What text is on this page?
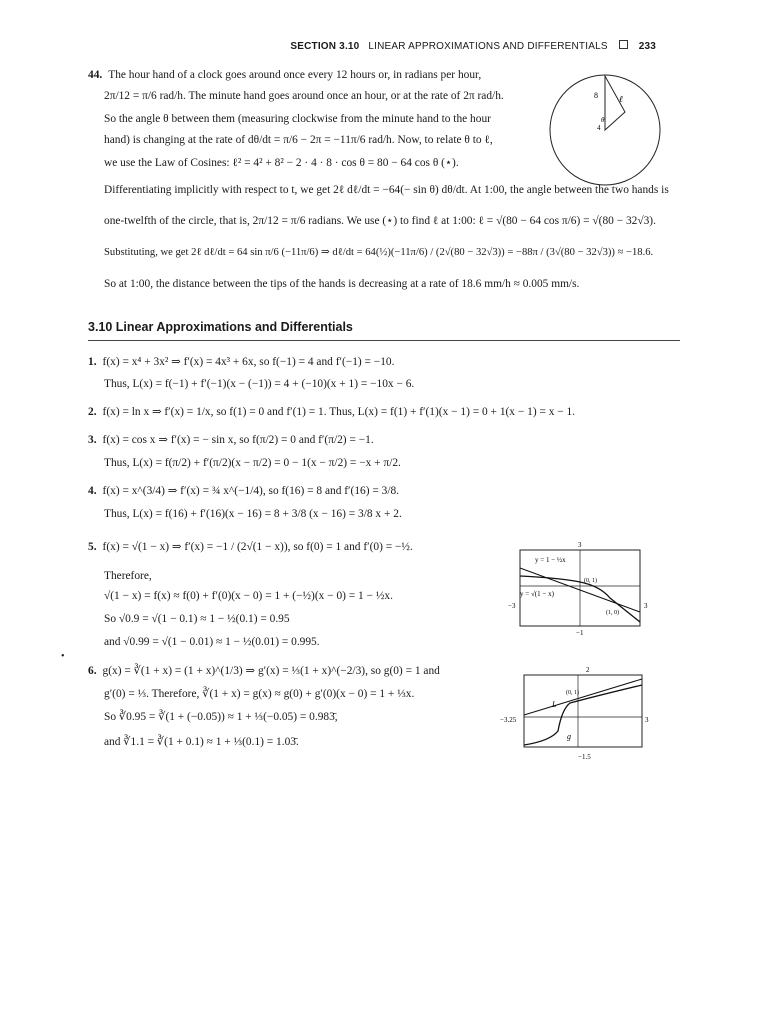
SECTION 3.10 LINEAR APPROXIMATIONS AND DIFFERENTIALS	233
44. The hour hand of a clock goes around once every 12 hours or, in radians per hour,
2π/12 = π/6 rad/h. The minute hand goes around once an hour, or at the rate of 2π rad/h.
So the angle θ between them (measuring clockwise from the minute hand to the hour
hand) is changing at the rate of dθ/dt = π/6 − 2π = −11π/6 rad/h. Now, to relate θ to ℓ,
we use the Law of Cosines: ℓ² = 4² + 8² − 2 · 4 · 8 · cos θ = 80 − 64 cos θ (⋆).
Differentiating implicitly with respect to t, we get 2ℓ dℓ/dt = −64(− sin θ) dθ/dt. At 1:00, the angle between the two hands is
one-twelfth of the circle, that is, 2π/12 = π/6 radians. We use (⋆) to find ℓ at 1:00: ℓ = √(80 − 64 cos π/6) = √(80 − 32√3).
Substituting, we get 2ℓ dℓ/dt = 64 sin π/6 (−11π/6) ⇒ dℓ/dt = 64(½)(−11π/6) / (2√(80 − 32√3)) = −88π / (3√(80 − 32√3)) ≈ −18.6.
So at 1:00, the distance between the tips of the hands is decreasing at a rate of 18.6 mm/h ≈ 0.005 mm/s.
8
θ
ℓ
4
3.10 Linear Approximations and Differentials
1. f(x) = x⁴ + 3x² ⇒ f′(x) = 4x³ + 6x, so f(−1) = 4 and f′(−1) = −10.
Thus, L(x) = f(−1) + f′(−1)(x − (−1)) = 4 + (−10)(x + 1) = −10x − 6.
2. f(x) = ln x ⇒ f′(x) = 1/x, so f(1) = 0 and f′(1) = 1. Thus, L(x) = f(1) + f′(1)(x − 1) = 0 + 1(x − 1) = x − 1.
3. f(x) = cos x ⇒ f′(x) = − sin x, so f(π/2) = 0 and f′(π/2) = −1.
Thus, L(x) = f(π/2) + f′(π/2)(x − π/2) = 0 − 1(x − π/2) = −x + π/2.
4. f(x) = x^(3/4) ⇒ f′(x) = ¾ x^(−1/4), so f(16) = 8 and f′(16) = 3/8.
Thus, L(x) = f(16) + f′(16)(x − 16) = 8 + 3/8 (x − 16) = 3/8 x + 2.
5. f(x) = √(1 − x) ⇒ f′(x) = −1 / (2√(1 − x)), so f(0) = 1 and f′(0) = −½.
Therefore,
√(1 − x) = f(x) ≈ f(0) + f′(0)(x − 0) = 1 + (−½)(x − 0) = 1 − ½x.
So √0.9 = √(1 − 0.1) ≈ 1 − ½(0.1) = 0.95
and √0.99 = √(1 − 0.01) ≈ 1 − ½(0.01) = 0.995.
3
−3	3
−1
y = 1 − ½x
y = √(1 − x)
(0, 1)
(1, 0)
6. g(x) = ∛(1 + x) = (1 + x)^(1/3) ⇒ g′(x) = ⅓(1 + x)^(−2/3), so g(0) = 1 and
g′(0) = ⅓. Therefore, ∛(1 + x) = g(x) ≈ g(0) + g′(0)(x − 0) = 1 + ⅓x.
So ∛0.95 = ∛(1 + (−0.05)) ≈ 1 + ⅓(−0.05) = 0.983̄,
and ∛1.1 = ∛(1 + 0.1) ≈ 1 + ⅓(0.1) = 1.03̄.
2
−3.25	3
−1.5
(0, 1)
L
g
•
